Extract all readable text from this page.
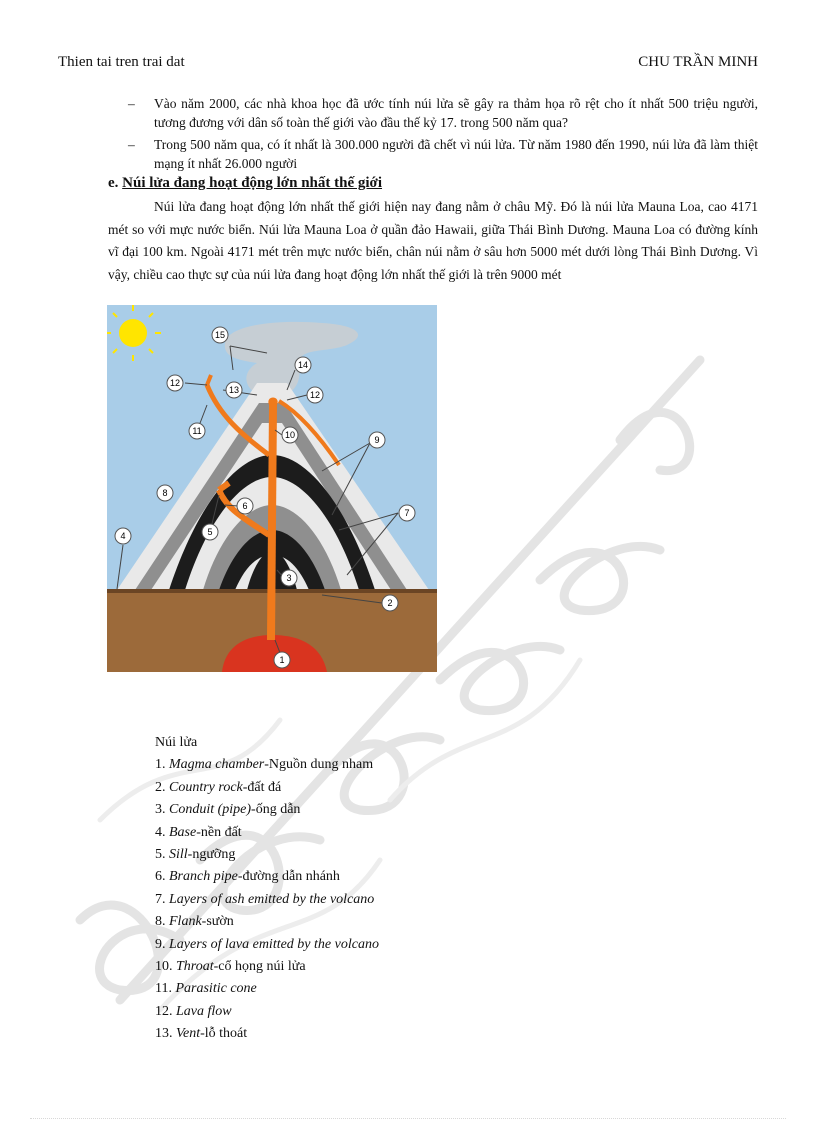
Thien tai tren trai dat	CHU TRẦN MINH
– Vào năm 2000, các nhà khoa học đã ước tính núi lửa sẽ gây ra thảm họa rõ rệt cho ít nhất 500 triệu người, tương đương với dân số toàn thế giới vào đầu thế kỷ 17. trong 500 năm qua?
– Trong 500 năm qua, có ít nhất là 300.000 người đã chết vì núi lửa. Từ năm 1980 đến 1990, núi lửa đã làm thiệt mạng ít nhất 26.000 người
e. Núi lửa đang hoạt động lớn nhất thế giới

Núi lửa đang hoạt động lớn nhất thế giới hiện nay đang nằm ở châu Mỹ. Đó là núi lửa Mauna Loa, cao 4171 mét so với mực nước biển. Núi lửa Mauna Loa ở quần đảo Hawaii, giữa Thái Bình Dương. Mauna Loa có đường kính vĩ đại 100 km. Ngoài 4171 mét trên mực nước biển, chân núi nằm ở sâu hơn 5000 mét dưới lòng Thái Bình Dương. Vì vậy, chiều cao thực sự của núi lửa đang hoạt động lớn nhất thế giới là trên 9000 mét

1
2
3
4	5
6
7
8
9
10
11
12
12
13
14
15
Núi lửa
1. Magma chamber-Nguồn dung nham
2. Country rock-đất đá
3. Conduit (pipe)-ống dẫn
4. Base-nền đất
5. Sill-ngưỡng
6. Branch pipe-đường dẫn nhánh
7. Layers of ash emitted by the volcano
8. Flank-sườn
9. Layers of lava emitted by the volcano
10. Throat-cổ họng núi lửa
11. Parasitic cone
12. Lava flow
13. Vent-lỗ thoát
